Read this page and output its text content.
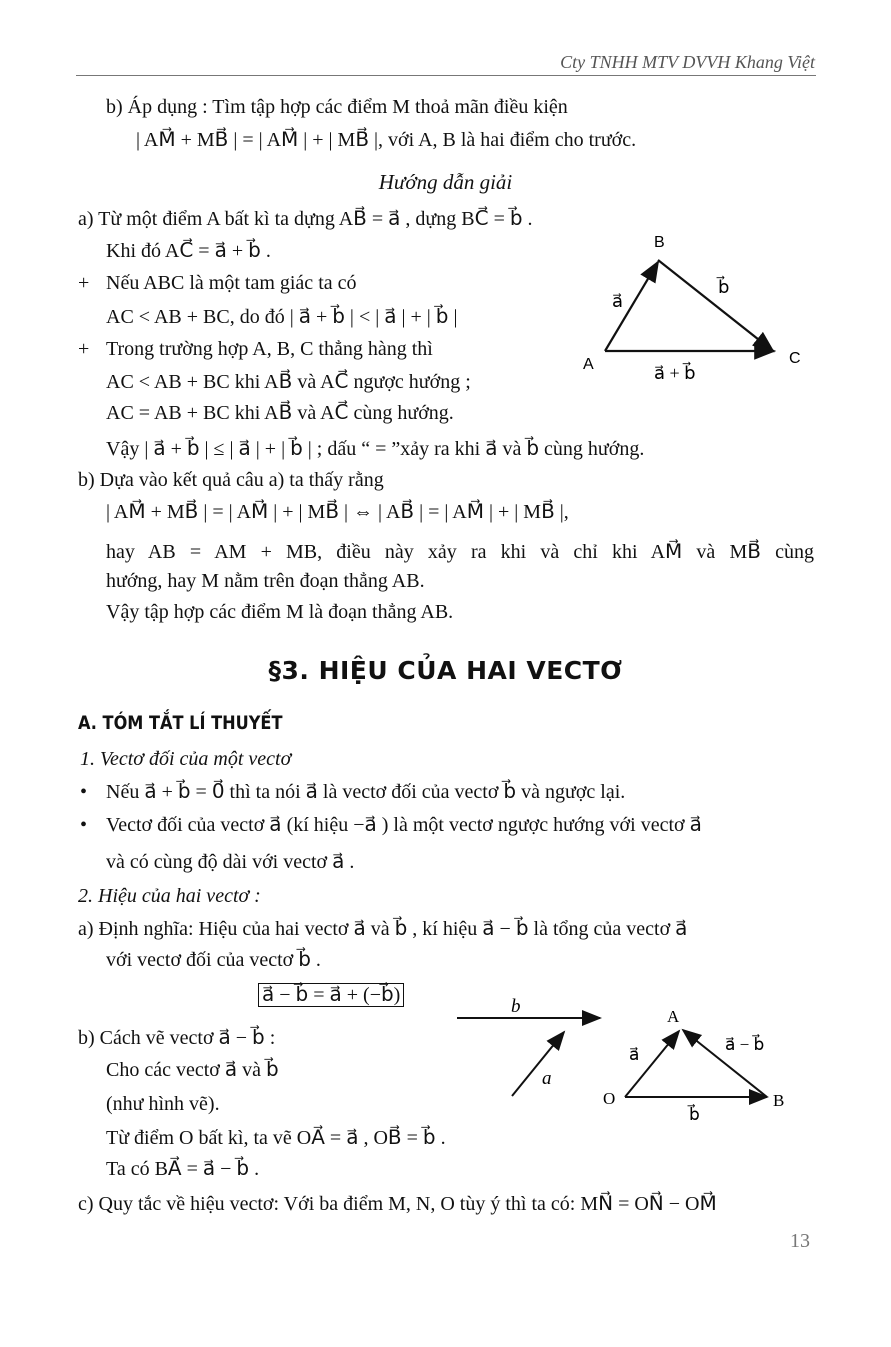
Cty TNHH MTV DVVH Khang Việt
b) Áp dụng : Tìm tập hợp các điểm M thoả mãn điều kiện
| AM⃗ + MB⃗ | = | AM⃗ | + | MB⃗ |, với A, B là hai điểm cho trước.
Hướng dẫn giải
a) Từ một điểm A bất kì ta dựng AB⃗ = a⃗ , dựng BC⃗ = b⃗ .
Khi đó AC⃗ = a⃗ + b⃗ .
+ Nếu ABC là một tam giác ta có
AC < AB + BC, do đó | a⃗ + b⃗ | < | a⃗ | + | b⃗ |
+ Trong trường hợp A, B, C thẳng hàng thì
AC < AB + BC khi AB⃗ và AC⃗ ngược hướng ;
AC = AB + BC khi AB⃗ và AC⃗ cùng hướng.
Vậy | a⃗ + b⃗ | ≤ | a⃗ | + | b⃗ | ; dấu “ = ”xảy ra khi a⃗ và b⃗ cùng hướng.
B
A	C
a⃗
b⃗
a⃗ + b⃗
b) Dựa vào kết quả câu a) ta thấy rằng
| AM⃗ + MB⃗ | = | AM⃗ | + | MB⃗ | ⇔ | AB⃗ | = | AM⃗ | + | MB⃗ |,
hay AB = AM + MB, điều này xảy ra khi và chỉ khi AM⃗ và MB⃗ cùng
hướng, hay M nằm trên đoạn thẳng AB.
Vậy tập hợp các điểm M là đoạn thẳng AB.
§3. HIỆU CỦA HAI VECTƠ
A. TÓM TẮT LÍ THUYẾT
1. Vectơ đối của một vectơ
• Nếu a⃗ + b⃗ = 0⃗ thì ta nói a⃗ là vectơ đối của vectơ b⃗ và ngược lại.
• Vectơ đối của vectơ a⃗ (kí hiệu −a⃗ ) là một vectơ ngược hướng với vectơ a⃗
và có cùng độ dài với vectơ a⃗ .
2. Hiệu của hai vectơ :
a) Định nghĩa: Hiệu của hai vectơ a⃗ và b⃗ , kí hiệu a⃗ − b⃗ là tổng của vectơ a⃗
với vectơ đối của vectơ b⃗ .
a⃗ − b⃗ = a⃗ + (−b⃗)
b) Cách vẽ vectơ a⃗ − b⃗ :
Cho các vectơ a⃗ và b⃗
(như hình vẽ).
Từ điểm O bất kì, ta vẽ OA⃗ = a⃗ , OB⃗ = b⃗ .
Ta có BA⃗ = a⃗ − b⃗ .
b⃗
a⃗
A
O	B
a⃗
a⃗ − b⃗
b⃗
c) Quy tắc về hiệu vectơ: Với ba điểm M, N, O tùy ý thì ta có: MN⃗ = ON⃗ − OM⃗
13
